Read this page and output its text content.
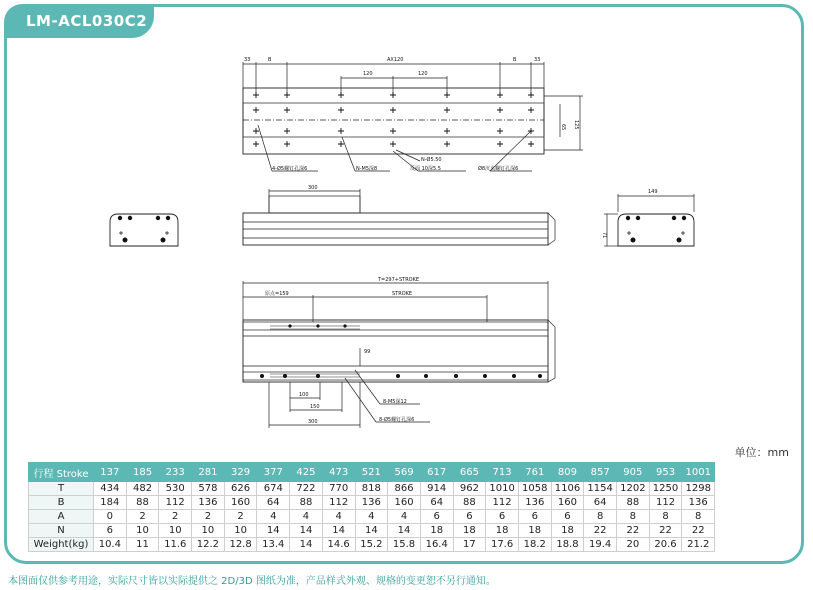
LM-ACL030C2
33	B	AX120	B	33
120	120
65 125
4-Ø5螺钉孔深6	N-M5深8
N-Ø5.50
反面 10深5.5	Ø8沉头螺钉孔深6
300
149
71
T=297+STROKE
原点=159	STROKE
99
100
150
300
8-M5深12
8-Ø5螺钉孔深6
单位：mm
行程 Stroke	137	185	233	281	329	377	425	473	521	569	617	665	713	761	809	857	905	953	1001
T	434	482	530	578	626	674	722	770	818	866	914	962	1010	1058	1106	1154	1202	1250	1298
B	184	88	112	136	160	64	88	112	136	160	64	88	112	136	160	64	88	112	136
A	0	2	2	2	2	4	4	4	4	4	6	6	6	6	6	8	8	8	8
N	6	10	10	10	10	14	14	14	14	14	18	18	18	18	18	22	22	22	22
Weight(kg)	10.4	11	11.6	12.2	12.8	13.4	14	14.6	15.2	15.8	16.4	17	17.6	18.2	18.8	19.4	20	20.6	21.2
本图面仅供参考用途，实际尺寸皆以实际提供之 2D/3D 图纸为准，产品样式外观、规格的变更恕不另行通知。
